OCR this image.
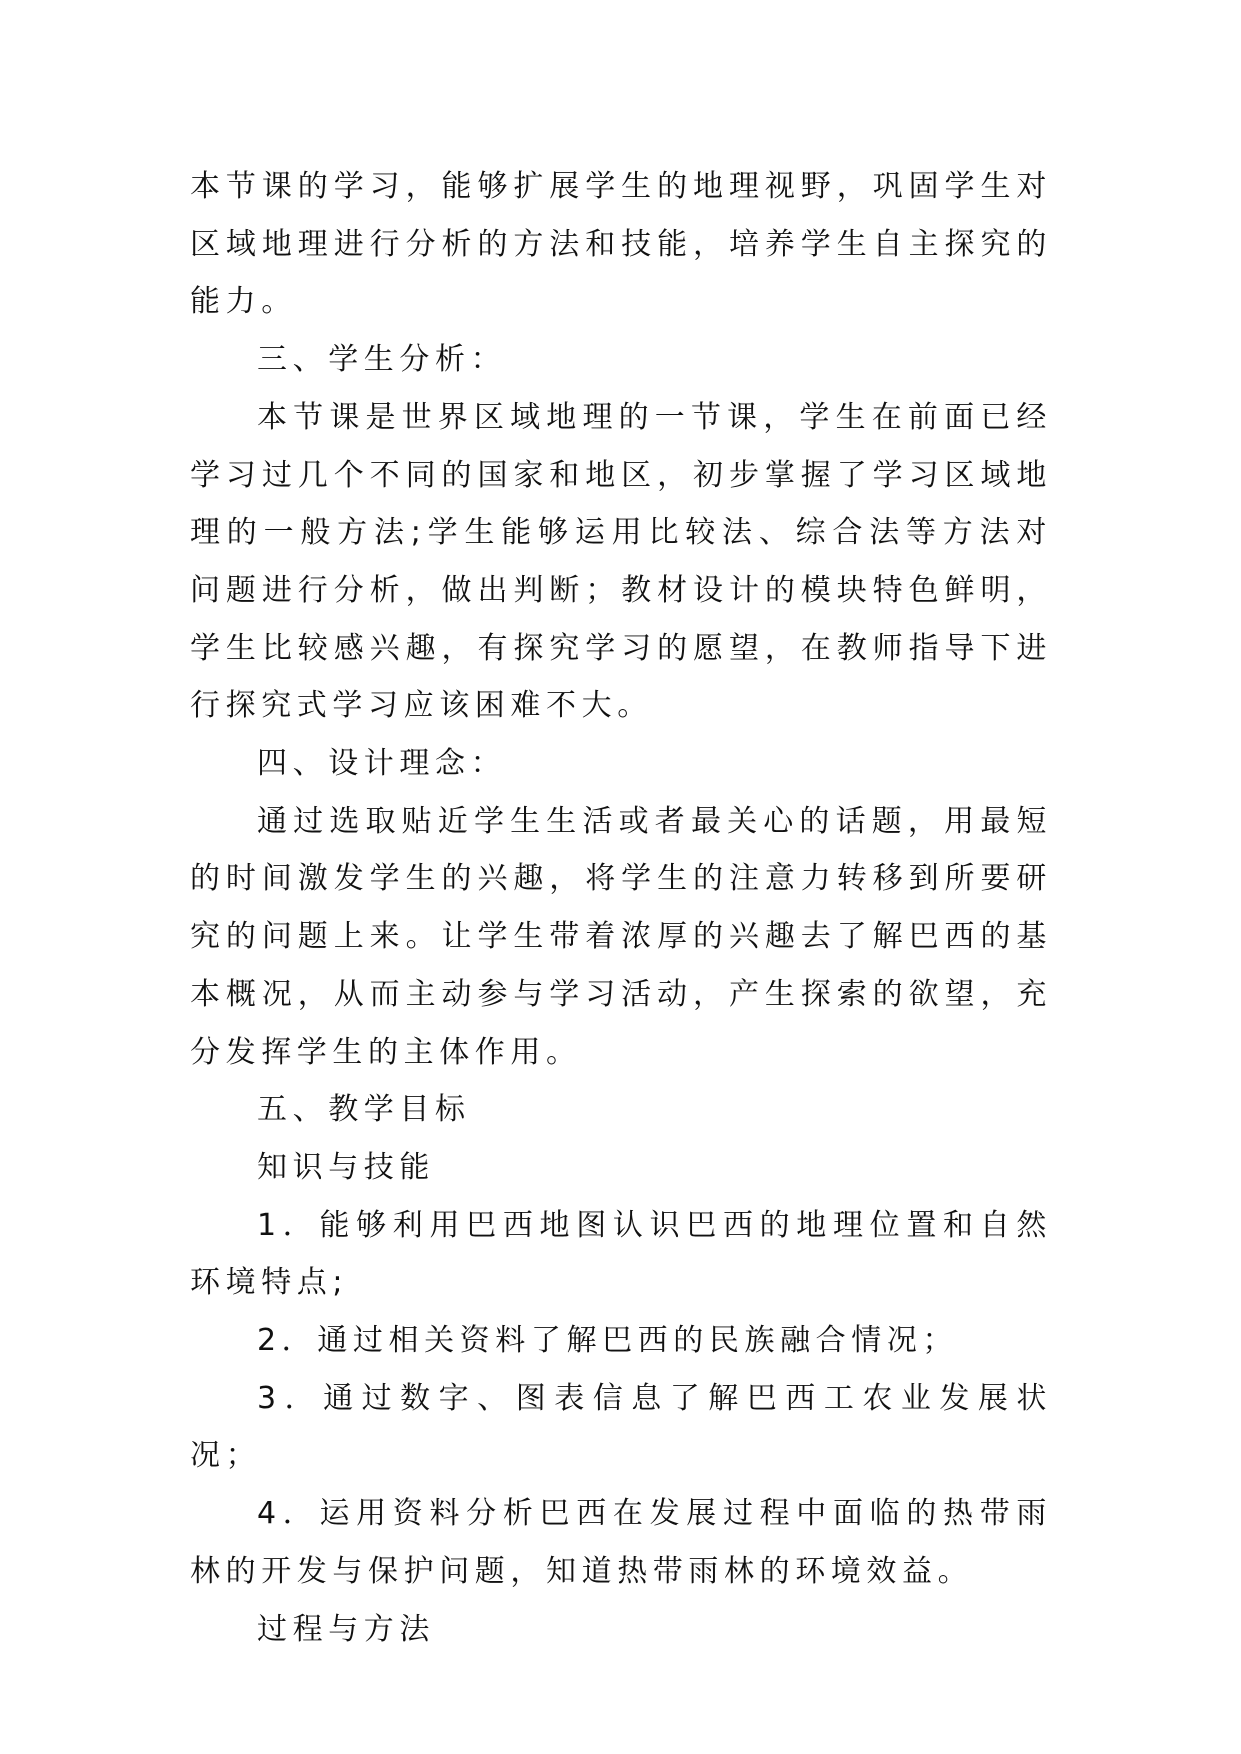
本节课的学习，能够扩展学生的地理视野，巩固学生对区域地理进行分析的方法和技能，培养学生自主探究的能力。

三、学生分析：

本节课是世界区域地理的一节课，学生在前面已经学习过几个不同的国家和地区，初步掌握了学习区域地理的一般方法;学生能够运用比较法、综合法等方法对问题进行分析，做出判断；教材设计的模块特色鲜明，学生比较感兴趣，有探究学习的愿望，在教师指导下进行探究式学习应该困难不大。

四、设计理念：

通过选取贴近学生生活或者最关心的话题，用最短的时间激发学生的兴趣，将学生的注意力转移到所要研究的问题上来。让学生带着浓厚的兴趣去了解巴西的基本概况，从而主动参与学习活动，产生探索的欲望，充分发挥学生的主体作用。

五、教学目标

知识与技能

1．能够利用巴西地图认识巴西的地理位置和自然环境特点;

2．通过相关资料了解巴西的民族融合情况；

3．通过数字、图表信息了解巴西工农业发展状况；

4．运用资料分析巴西在发展过程中面临的热带雨林的开发与保护问题，知道热带雨林的环境效益。

过程与方法
